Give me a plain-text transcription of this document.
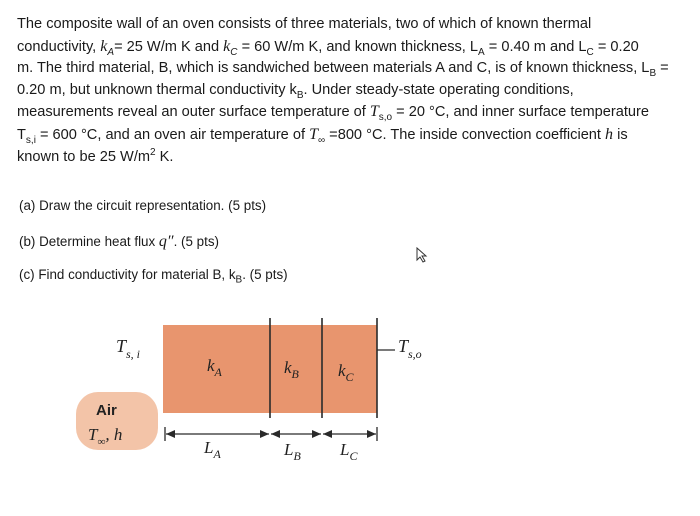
The composite wall of an oven consists of three materials, two of which of known thermal
conductivity, $k_A= 25$ W/m K and $k_C = 60$ W/m K, and known thickness, $L_A = 0.40$ m and $L_C = 0.20$
m. The third material, B, which is sandwiched between materials A and C, is of known thickness, $L_B$ =
0.20 m, but unknown thermal conductivity $k_B$. Under steady-state operating conditions,
measurements reveal an outer surface temperature of $T_{s,o} = 20$ °C, and inner surface temperature
$T_{s,i} = 600$ °C, and an oven air temperature of $T_\infty =800$ °C. The inside convection coefficient h is
known to be 25 $W/m^2$ K.
(a) Draw the circuit representation. (5 pts)
(b) Determine heat flux q″. (5 pts)
(c) Find conductivity for material B, $k_B$. (5 pts)
$T_{s, i}$	$T_{s,o}$
Air
$T_\infty$, h
$k_A$	$k_B$ $k_C$
$L_A$	$L_B$ $L_C$
